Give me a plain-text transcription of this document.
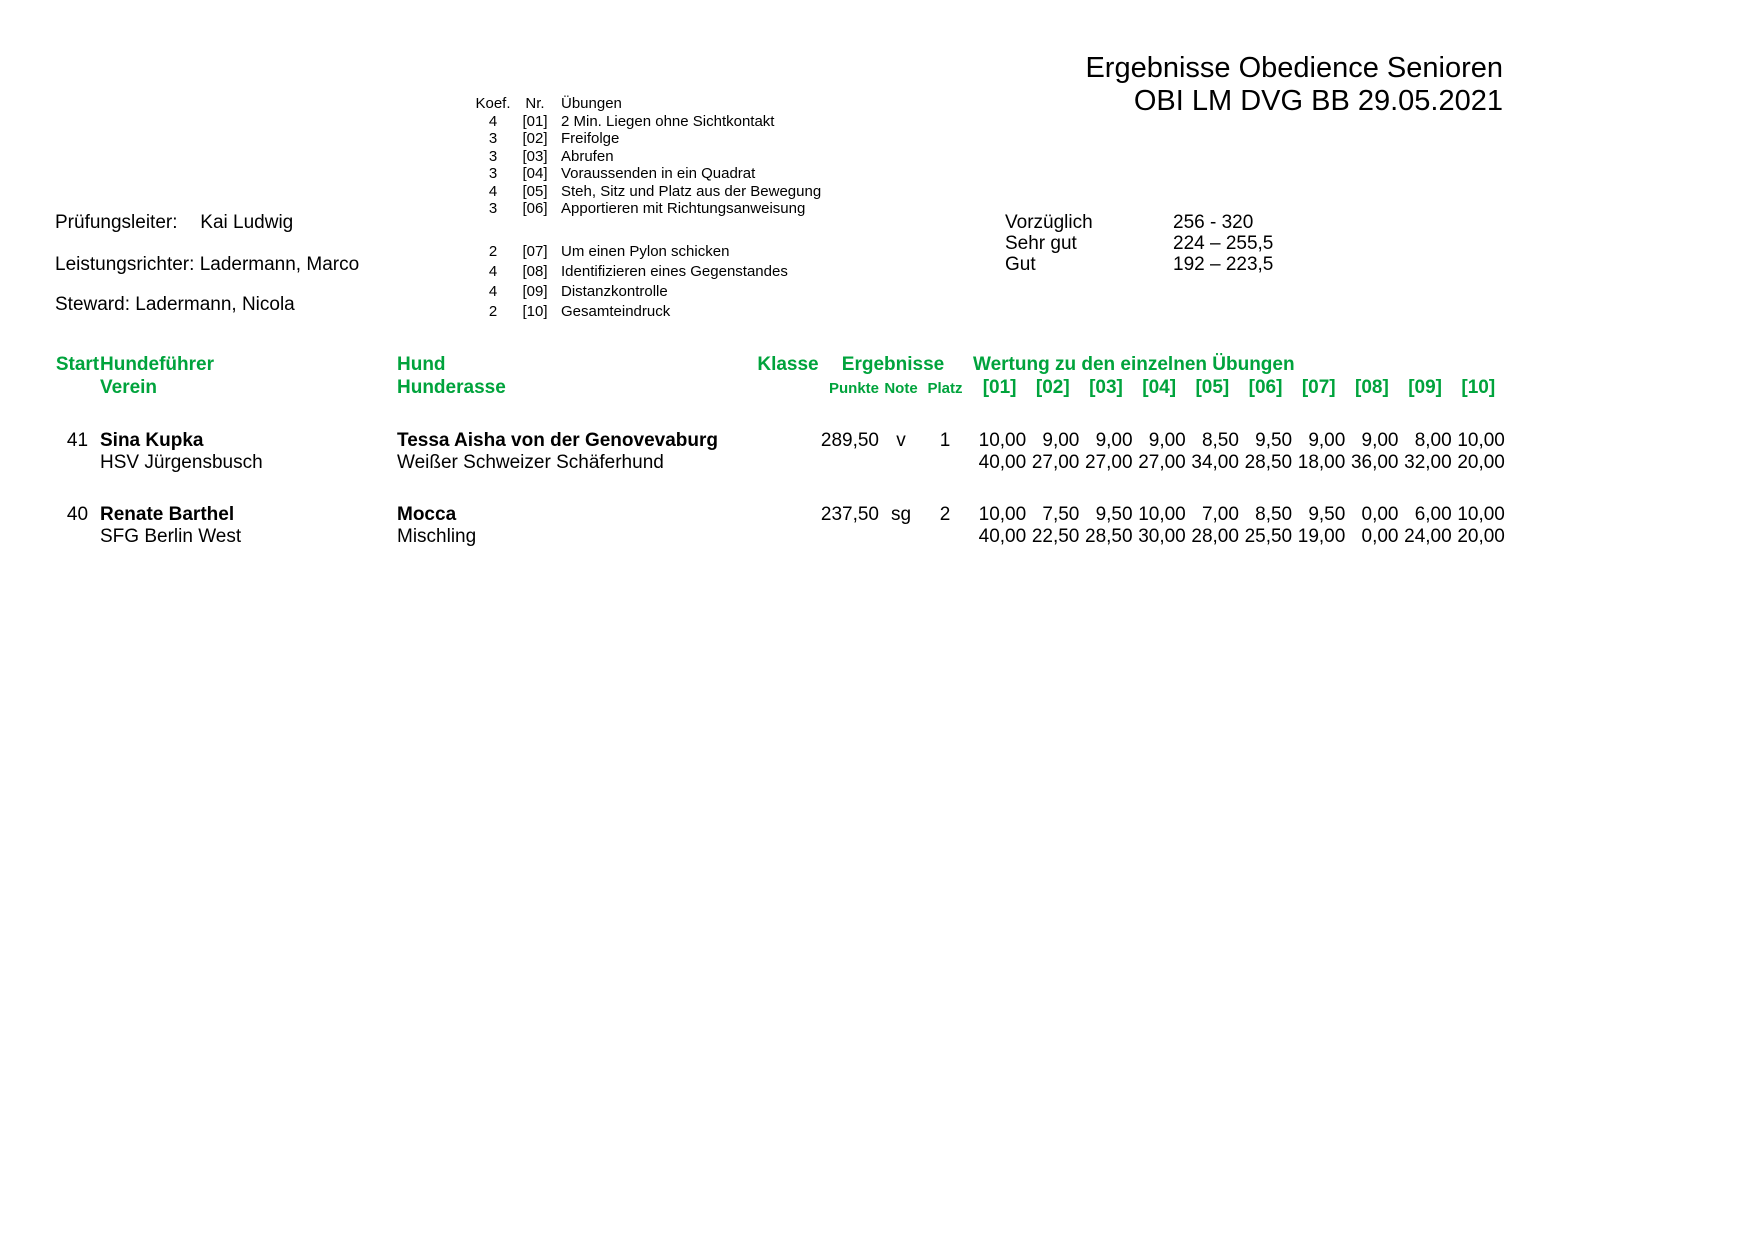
Ergebnisse Obedience Senioren
OBI LM DVG BB 29.05.2021
Koef. Nr.	Übungen
4	[01] 2 Min. Liegen ohne Sichtkontakt
3	[02] Freifolge
3	[03] Abrufen
3	[04] Voraussenden in ein Quadrat
4	[05] Steh, Sitz und Platz aus der Bewegung
3	[06] Apportieren mit Richtungsanweisung
2	[07] Um einen Pylon schicken
4	[08] Identifizieren eines Gegenstandes
4	[09] Distanzkontrolle
2	[10] Gesamteindruck
Prüfungsleiter: Kai Ludwig
Leistungsrichter: Ladermann, Marco
Steward: Ladermann, Nicola
Vorzüglich	256 - 320
Sehr gut	224 – 255,5
Gut	192 – 223,5
Start Hundeführer	Hund	Klasse	Ergebnisse	Wertung zu den einzelnen Übungen
Verein	Hunderasse	Punkte Note Platz	[01]	[02]	[03]	[04]	[05]	[06]	[07]	[08]	[09]	[10]
41 Sina Kupka	Tessa Aisha von der Genovevaburg	289,50 v	1	10,00 9,00 9,00 9,00 8,50 9,50 9,00 9,00 8,00 10,00
HSV Jürgensbusch	Weißer Schweizer Schäferhund	40,00 27,00 27,00 27,00 34,00 28,50 18,00 36,00 32,00 20,00
40 Renate Barthel	Mocca	237,50 sg	2	10,00 7,50 9,50 10,00 7,00 8,50 9,50 0,00 6,00 10,00
SFG Berlin West	Mischling	40,00 22,50 28,50 30,00 28,00 25,50 19,00 0,00 24,00 20,00
